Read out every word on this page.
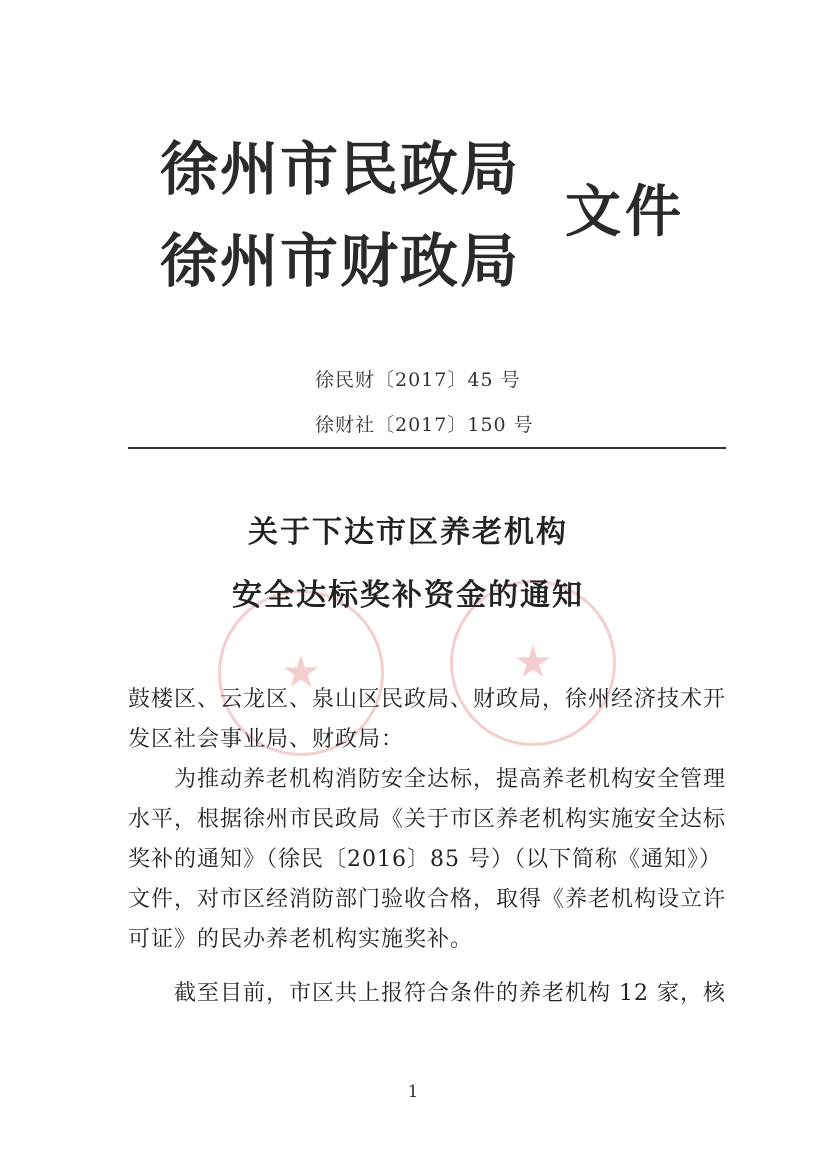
★	★
徐州市民政局
徐州市财政局
文件
徐民财〔2017〕45 号
徐财社〔2017〕150 号
关于下达市区养老机构
安全达标奖补资金的通知
鼓楼区、云龙区、泉山区民政局、财政局，徐州经济技术开
发区社会事业局、财政局：
　　为推动养老机构消防安全达标，提高养老机构安全管理
水平，根据徐州市民政局《关于市区养老机构实施安全达标
奖补的通知》（徐民〔2016〕85 号）（以下简称《通知》）
文件，对市区经消防部门验收合格，取得《养老机构设立许
可证》的民办养老机构实施奖补。
　　截至目前，市区共上报符合条件的养老机构 12 家，核
1
